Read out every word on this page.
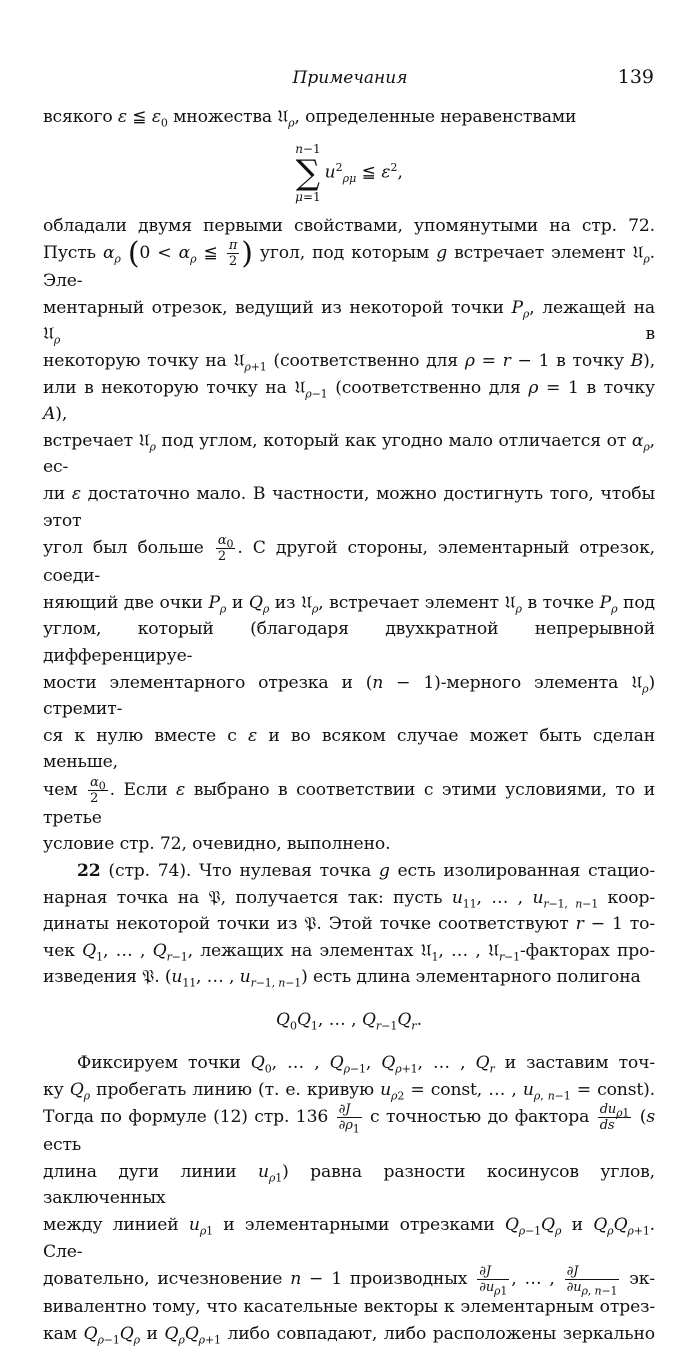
Примечания	139

всякого ε ≦ $\varepsilon_0$ множества 𝔘$_\rho$, определенные неравенствами

n−1
∑
μ=1
$u^2_{\rho\mu}$ ≦ $\varepsilon^2$,

обладали двумя первыми свойствами, упомянутыми на стр. 72.

Пусть $\alpha_\rho$ ($0 < \alpha_\rho$ ≦ $\frac{\pi}{2}$ ) угол, под которым g встречает элемент 𝔘$_\rho$. Эле-

ментарный отрезок, ведущий из некоторой точки $P_\rho$, лежащей на 𝔘$_\rho$ в

некоторую точку на 𝔘$_{\rho+1}$ (соответственно для ρ = r − 1 в точку B),

или в некоторую точку на 𝔘$_{\rho-1}$ (соответственно для ρ = 1 в точку A),

встречает 𝔘$_\rho$ под углом, который как угодно мало отличается от $\alpha_\rho$, ес-

ли ε достаточно мало. В частности, можно достигнуть того, чтобы этот

угол был больше $\frac{\alpha_0}{2}$ . С другой стороны, элементарный отрезок, соеди-

няющий две очки $P_\rho$ и $Q_\rho$ из 𝔘$_\rho$, встречает элемент 𝔘$_\rho$ в точке $P_\rho$ под

углом, который (благодаря двухкратной непрерывной дифференцируе-

мости элементарного отрезка и (n − 1)-мерного элемента 𝔘$_\rho$) стремит-

ся к нулю вместе с ε и во всяком случае может быть сделан меньше,

чем $\frac{\alpha_0}{2}$ . Если ε выбрано в соответствии с этими условиями, то и третье

условие стр. 72, очевидно, выполнено.

22 (стр. 74). Что нулевая точка g есть изолированная стацио-

нарная точка на 𝔓, получается так: пусть $u_{11}$, … , $u_{r-1, n-1}$ коор-

динаты некоторой точки из 𝔓. Этой точке соответствуют r − 1 то-

чек $Q_1$, … , $Q_{r-1}$, лежащих на элементах 𝔘$_1$, … , 𝔘$_{r-1}$-факторах про-

изведения 𝔓. ($u_{11}$, … , $u_{r-1, n-1}$) есть длина элементарного полигона

$Q_0Q_1$, … , $Q_{r-1}Q_r$.

Фиксируем точки $Q_0$, … , $Q_{\rho-1}$, $Q_{\rho+1}$, … , $Q_r$ и заставим точ-

ку $Q_\rho$ пробегать линию (т. е. кривую $u_{\rho 2}$ = const, … , $u_{\rho, n-1}$ = const).

Тогда по формуле (12) стр. $136 \frac{\partial J}{\partial\rho_1}$ с точностью до фактора $\frac{du_{\rho 1}}{ds} (s$ есть

длина дуги линии $u_{\rho 1}$) равна разности косинусов углов, заключенных

между линией $u_{\rho 1}$ и элементарными отрезками $Q_{\rho-1}Q_\rho$ и $Q_\rho Q_{\rho+1}$. Сле-

довательно, исчезновение n − 1 производных $\frac{\partial J}{\partial u_{\rho 1}}$ , … , $\frac{\partial J}{\partial u_{\rho, n-1}} эк-$

вивалентно тому, что касательные векторы к элементарным отрез-

кам $Q_{\rho-1}Q_\rho$ и $Q_\rho Q_{\rho+1}$ либо совпадают, либо расположены зеркально
